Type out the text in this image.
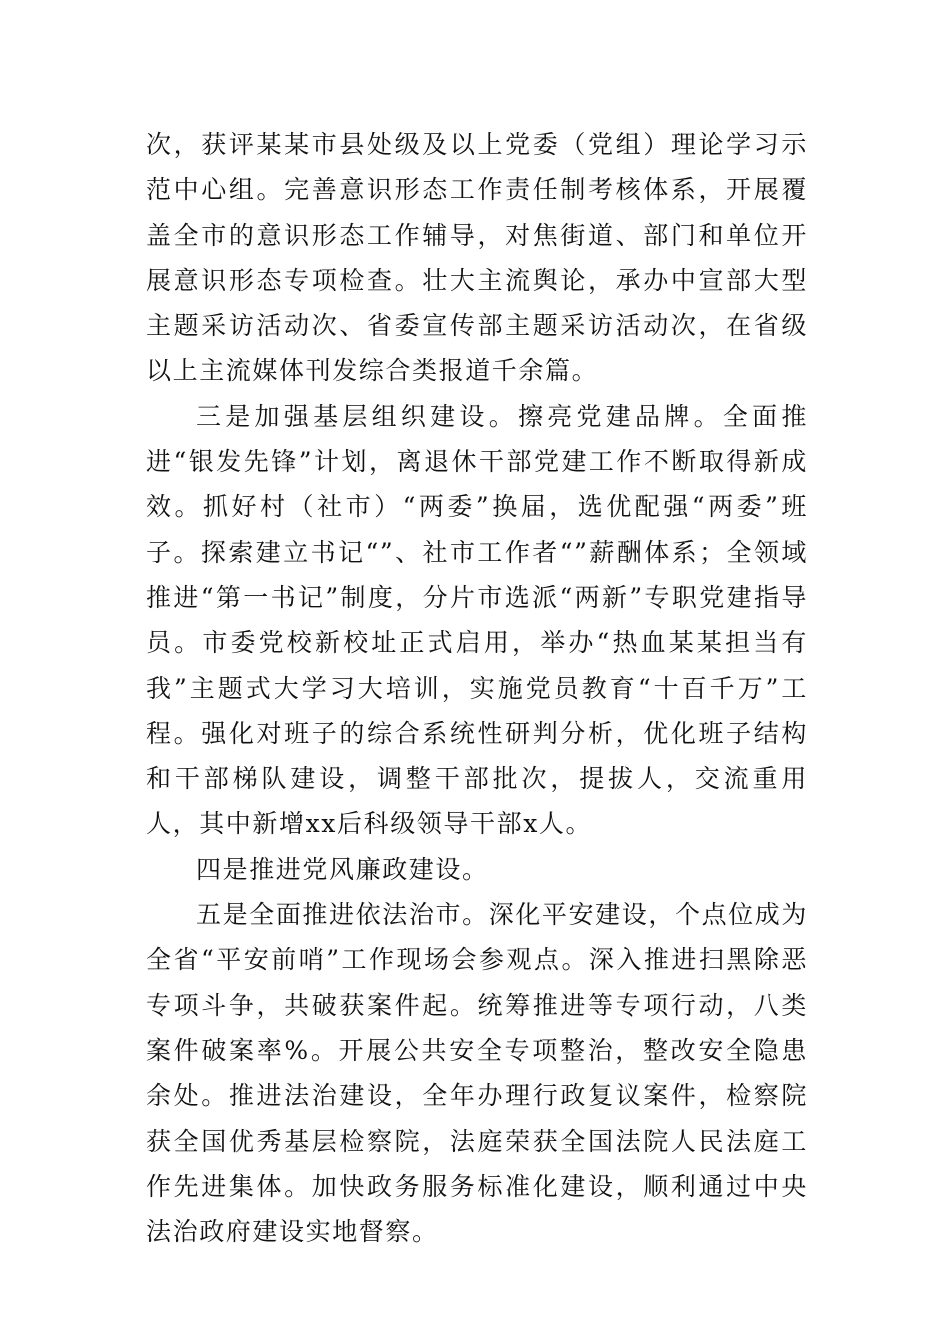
次，获评某某市县处级及以上党委（党组）理论学习示范中心组。完善意识形态工作责任制考核体系，开展覆盖全市的意识形态工作辅导，对焦街道、部门和单位开展意识形态专项检查。壮大主流舆论，承办中宣部大型主题采访活动次、省委宣传部主题采访活动次，在省级以上主流媒体刊发综合类报道千余篇。

三是加强基层组织建设。擦亮党建品牌。全面推进“银发先锋”计划，离退休干部党建工作不断取得新成效。抓好村（社市）“两委”换届，选优配强“两委”班子。探索建立书记“”、社市工作者“”薪酬体系；全领域推进“第一书记”制度，分片市选派“两新”专职党建指导员。市委党校新校址正式启用，举办“热血某某担当有我”主题式大学习大培训，实施党员教育“十百千万”工程。强化对班子的综合系统性研判分析，优化班子结构和干部梯队建设，调整干部批次，提拔人，交流重用人，其中新增xx后科级领导干部x人。

四是推进党风廉政建设。

五是全面推进依法治市。深化平安建设，个点位成为全省“平安前哨”工作现场会参观点。深入推进扫黑除恶专项斗争，共破获案件起。统筹推进等专项行动，八类案件破案率%。开展公共安全专项整治，整改安全隐患余处。推进法治建设，全年办理行政复议案件，检察院获全国优秀基层检察院，法庭荣获全国法院人民法庭工作先进集体。加快政务服务标准化建设，顺利通过中央法治政府建设实地督察。
